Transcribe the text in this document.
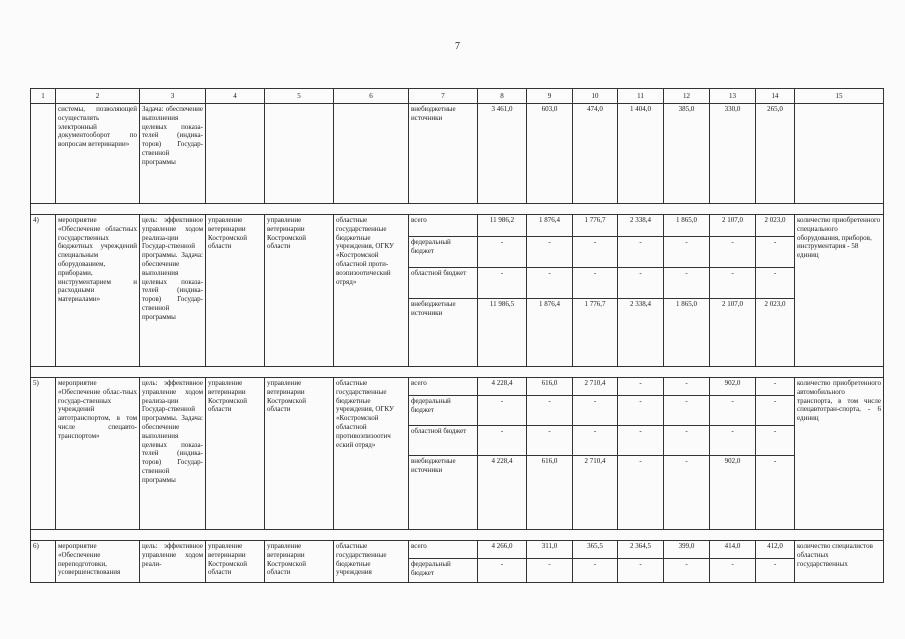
7
1	2	3	4	5	6	7	8	9	10	11	12	13	14	15
	системы, позволяющей осуществлять электронный документооборот по вопросам ветеринарии»	Задача: обеспечение выполнения целевых показа-телей (индика-торов) Государ-ственной программы				внебюджетные источники	3 461,0	603,0	474,0	1 404,0	385,0	330,0	265,0	

4)	мероприятие «Обеспечение областных государственных бюджетных учреждений специальным оборудованием, приборами, инструментарием и расходными материалами»	цель: эффективное управление ходом реализа-ции Государ-ственной программы. Задача: обеспечение выполнения целевых показа-телей (индика-торов) Государ-ственной программы	управление ветеринарии Костромской области	управление ветеринарии Костромской области	областные государственные бюджетные учреждения, ОГКУ «Костромской областной проти-воэпизоотический отряд»	всего	11 986,2	1 876,4	1 776,7	2 338,4	1 865,0	2 107,0	2 023,0	количество приобретенного специального оборудования, приборов, инструментария - 58 единиц
						федеральный бюджет	-	-	-	-	-	-	-	
						областной бюджет	-	-	-	-	-	-	-	
						внебюджетные источники	11 986,5	1 876,4	1 776,7	2 338,4	1 865,0	2 107,0	2 023,0	

5)	мероприятие «Обеспечение облас-тных государ-ственных учреждений автотранспортом, в том числе спецавто-транспортом»	цель: эффективное управление ходом реализа-ции Государ-ственной программы. Задача: обеспечение выполнения целевых показа-телей (индика-торов) Государ-ственной программы	управление ветеринарии Костромской области	управление ветеринарии Костромской области	областные государственные бюджетные учреждения, ОГКУ «Костромской областной противоэпизоотич еский отряд»	всего	4 228,4	616,0	2 710,4	-	-	902,0	-	количество приобретенного автомобильного транспорта, в том числе спецавтотран-спорта, - 6 единиц
						федеральный бюджет	-	-	-	-	-	-	-	
						областной бюджет	-	-	-	-	-	-	-	
						внебюджетные источники	4 228,4	616,0	2 710,4	-	-	902,0	-	

6)	мероприятие «Обеспечение переподготовки, усовершенствования	цель: эффективное управление ходом реали-	управление ветеринарии Костромской области	управление ветеринарии Костромской области	областные государственные бюджетные учреждения	всего	4 266,0	311,0	365,5	2 364,5	399,0	414,0	412,0	количество специалистов областных государственных
						федеральный бюджет	-	-	-	-	-	-	-	
